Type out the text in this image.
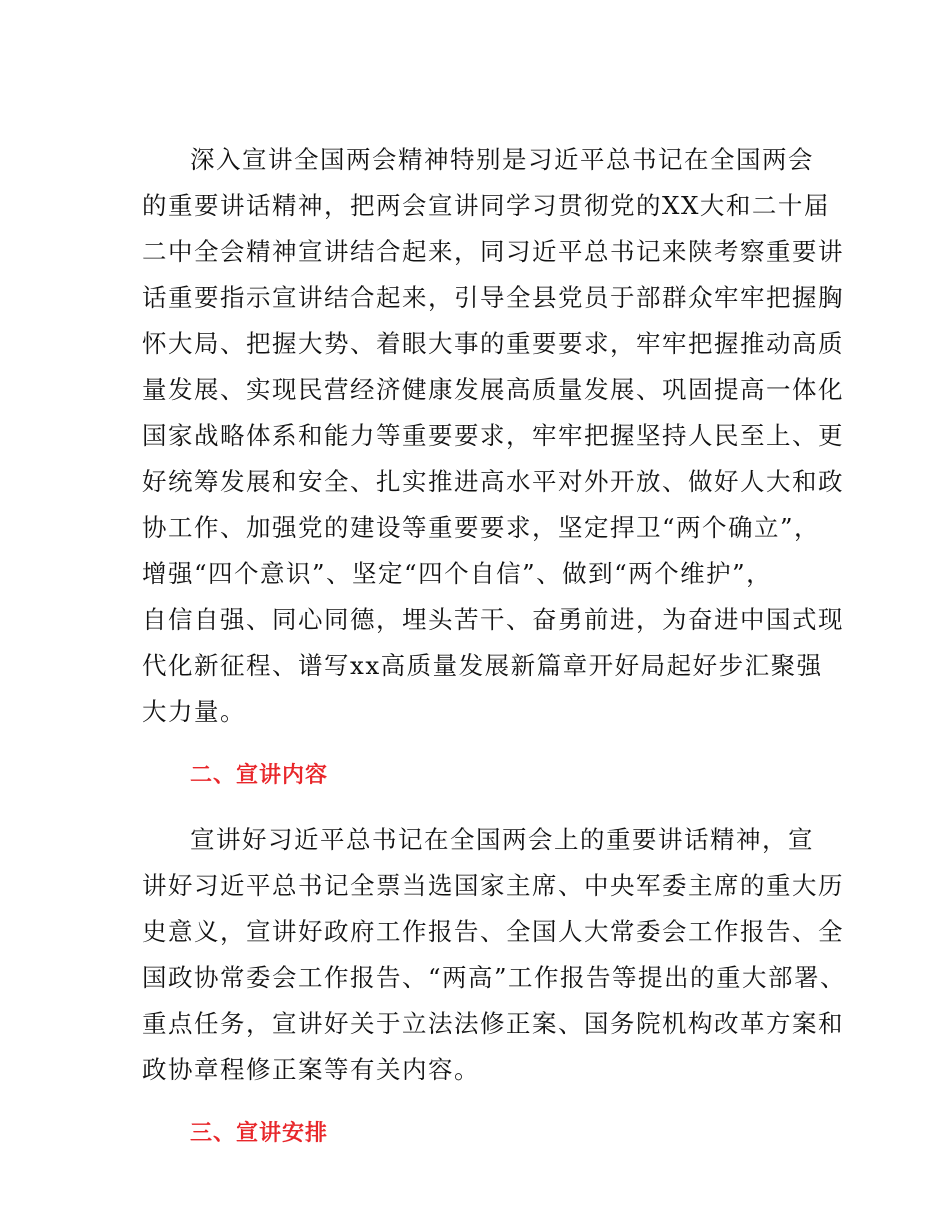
深入宣讲全国两会精神特别是习近平总书记在全国两会
的重要讲话精神，把两会宣讲同学习贯彻党的XX大和二十届
二中全会精神宣讲结合起来，同习近平总书记来陕考察重要讲
话重要指示宣讲结合起来，引导全县党员于部群众牢牢把握胸
怀大局、把握大势、着眼大事的重要要求，牢牢把握推动高质
量发展、实现民营经济健康发展高质量发展、巩固提高一体化
国家战略体系和能力等重要要求，牢牢把握坚持人民至上、更
好统筹发展和安全、扎实推进高水平对外开放、做好人大和政
协工作、加强党的建设等重要要求，坚定捍卫“两个确立”，
增强“四个意识”、坚定“四个自信”、做到“两个维护”，
自信自强、同心同德，埋头苦干、奋勇前进，为奋进中国式现
代化新征程、谱写xx高质量发展新篇章开好局起好步汇聚强
大力量。
二、宣讲内容
宣讲好习近平总书记在全国两会上的重要讲话精神，宣
讲好习近平总书记全票当选国家主席、中央军委主席的重大历
史意义，宣讲好政府工作报告、全国人大常委会工作报告、全
国政协常委会工作报告、“两高”工作报告等提出的重大部署、
重点任务，宣讲好关于立法法修正案、国务院机构改革方案和
政协章程修正案等有关内容。
三、宣讲安排
